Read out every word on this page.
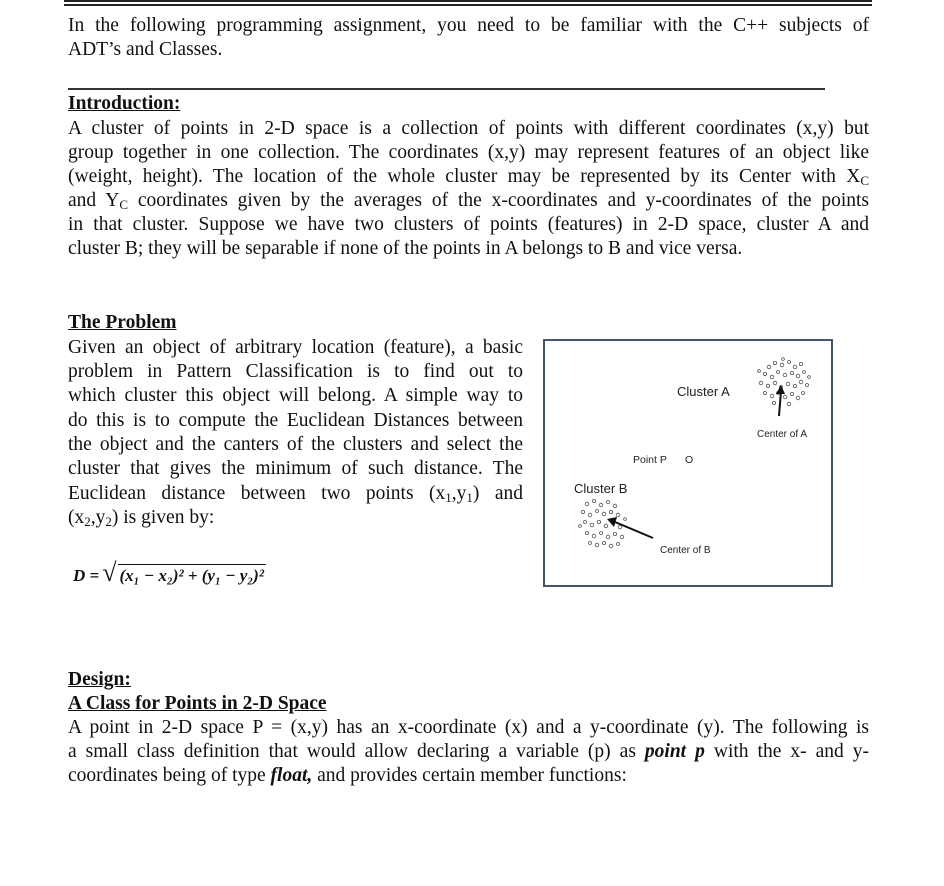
In the following programming assignment, you need to be familiar with the C++ subjects of

ADT’s and Classes.

Introduction:

A cluster of points in 2-D space is a collection of points with different coordinates (x,y) but

group together in one collection. The coordinates (x,y) may represent features of an object like

(weight, height). The location of the whole cluster may be represented by its Center with XC

and YC coordinates given by the averages of the x-coordinates and y-coordinates of the points

in that cluster. Suppose we have two clusters of points (features) in 2-D space, cluster A and

cluster B; they will be separable if none of the points in A belongs to B and vice versa.

The Problem

Given an object of arbitrary location (feature), a basic

problem in Pattern Classification is to find out to

which cluster this object will belong. A simple way to

do this is to compute the Euclidean Distances between

the object and the canters of the clusters and select the

cluster that gives the minimum of such distance. The

Euclidean distance between two points (x1,y1) and

(x2,y2) is given by:

D = √ (x₁ − x₂)² + (y₁ − y₂)²
Cluster A
Center of A
Point P O
Cluster B
Center of B

Design:

A Class for Points in 2-D Space

A point in 2-D space P = (x,y) has an x-coordinate (x) and a y-coordinate (y). The following is

a small class definition that would allow declaring a variable (p) as point p with the x- and y-

coordinates being of type float, and provides certain member functions:
